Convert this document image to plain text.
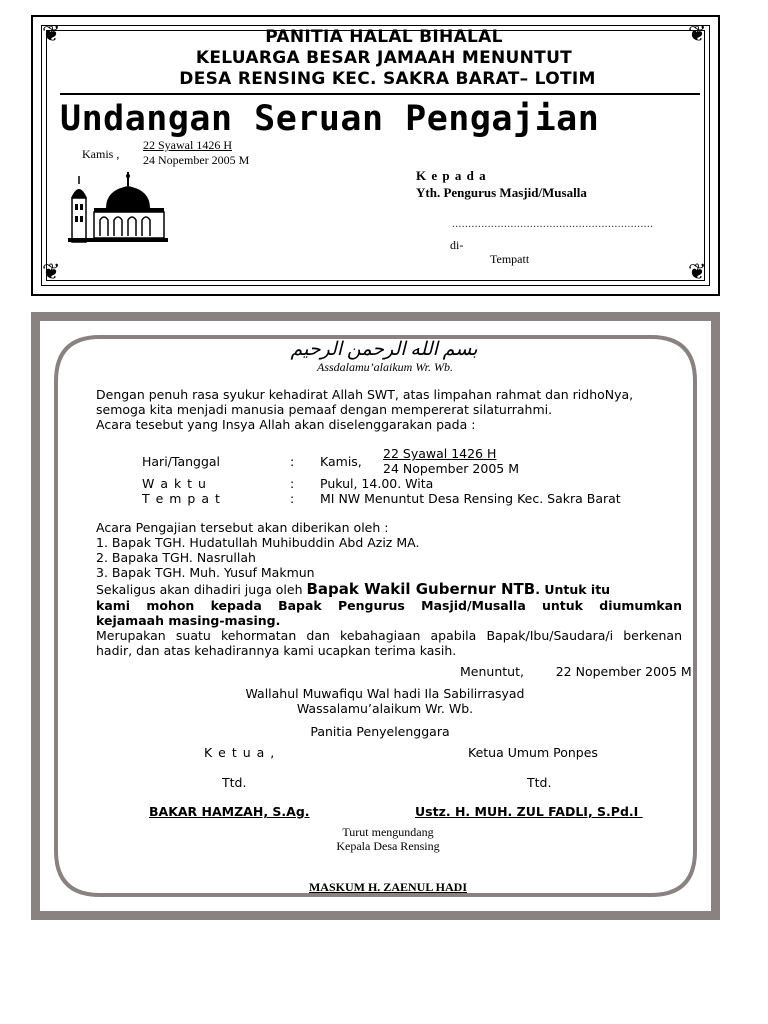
❦	❦
❦	❦
PANITIA HALAL BIHALAL
KELUARGA BESAR JAMAAH MENUNTUT
DESA RENSING KEC. SAKRA BARAT– LOTIM
Undangan Seruan Pengajian
Kamis ,
22 Syawal 1426 H
24 Nopember 2005 M
K e p a d a
Yth. Pengurus Masjid/Musalla
..............................................................
di-
Tempatt
بسم الله الرحمن الرحيم
Assdalamu’alaikum Wr. Wb.
Dengan penuh rasa syukur kehadirat Allah SWT, atas limpahan rahmat dan ridhoNya,
semoga kita menjadi manusia pemaaf dengan mempererat silaturrahmi.
Acara tesebut yang Insya Allah akan diselenggarakan pada :
Hari/Tanggal	: Kamis,
22 Syawal 1426 H
24 Nopember 2005 M
W a k t u	: Pukul, 14.00. Wita
T e m p a t	: MI NW Menuntut Desa Rensing Kec. Sakra Barat
Acara Pengajian tersebut akan diberikan oleh :
1. Bapak TGH. Hudatullah Muhibuddin Abd Aziz MA.
2. Bapaka TGH. Nasrullah
3. Bapak TGH. Muh. Yusuf Makmun
Sekaligus akan dihadiri juga oleh Bapak Wakil Gubernur NTB. Untuk itu
kami mohon kepada Bapak Pengurus Masjid/Musalla untuk diumumkan
kejamaah masing-masing.
Merupakan suatu kehormatan dan kebahagiaan apabila Bapak/Ibu/Saudara/i berkenan
hadir, dan atas kehadirannya kami ucapkan terima kasih.
Menuntut,        22 Nopember 2005 M
Wallahul Muwafiqu Wal hadi Ila Sabilirrasyad
Wassalamu’alaikum Wr. Wb.
Panitia Penyelenggara
K e t u a ,	Ketua Umum Ponpes
Ttd.	Ttd.
BAKAR HAMZAH, S.Ag.	Ustz. H. MUH. ZUL FADLI, S.Pd.I
Turut mengundang
Kepala Desa Rensing
MASKUM H. ZAENUL HADI
